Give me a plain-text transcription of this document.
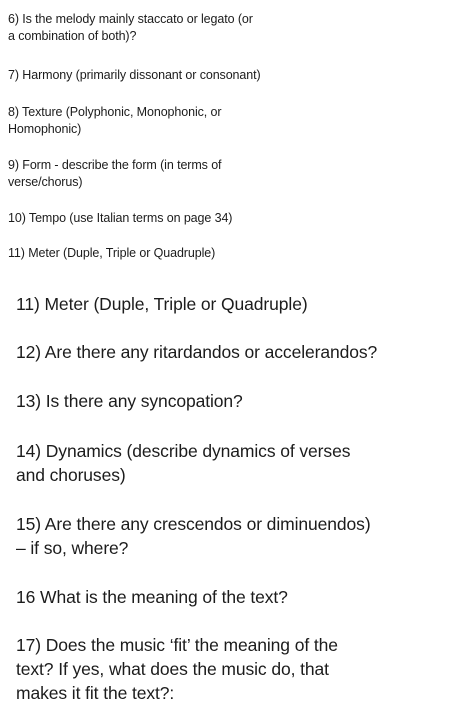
6) Is the melody mainly staccato or legato (or
a combination of both)?
7) Harmony (primarily dissonant or consonant)
8) Texture (Polyphonic, Monophonic, or
Homophonic)
9) Form - describe the form (in terms of
verse/chorus)
10) Tempo (use Italian terms on page 34)
11) Meter (Duple, Triple or Quadruple)
11) Meter (Duple, Triple or Quadruple)
12) Are there any ritardandos or accelerandos?
13) Is there any syncopation?
14) Dynamics (describe dynamics of verses
and choruses)
15) Are there any crescendos or diminuendos)
– if so, where?
16 What is the meaning of the text?
17) Does the music ‘fit’ the meaning of the
text? If yes, what does the music do, that
makes it fit the text?:
